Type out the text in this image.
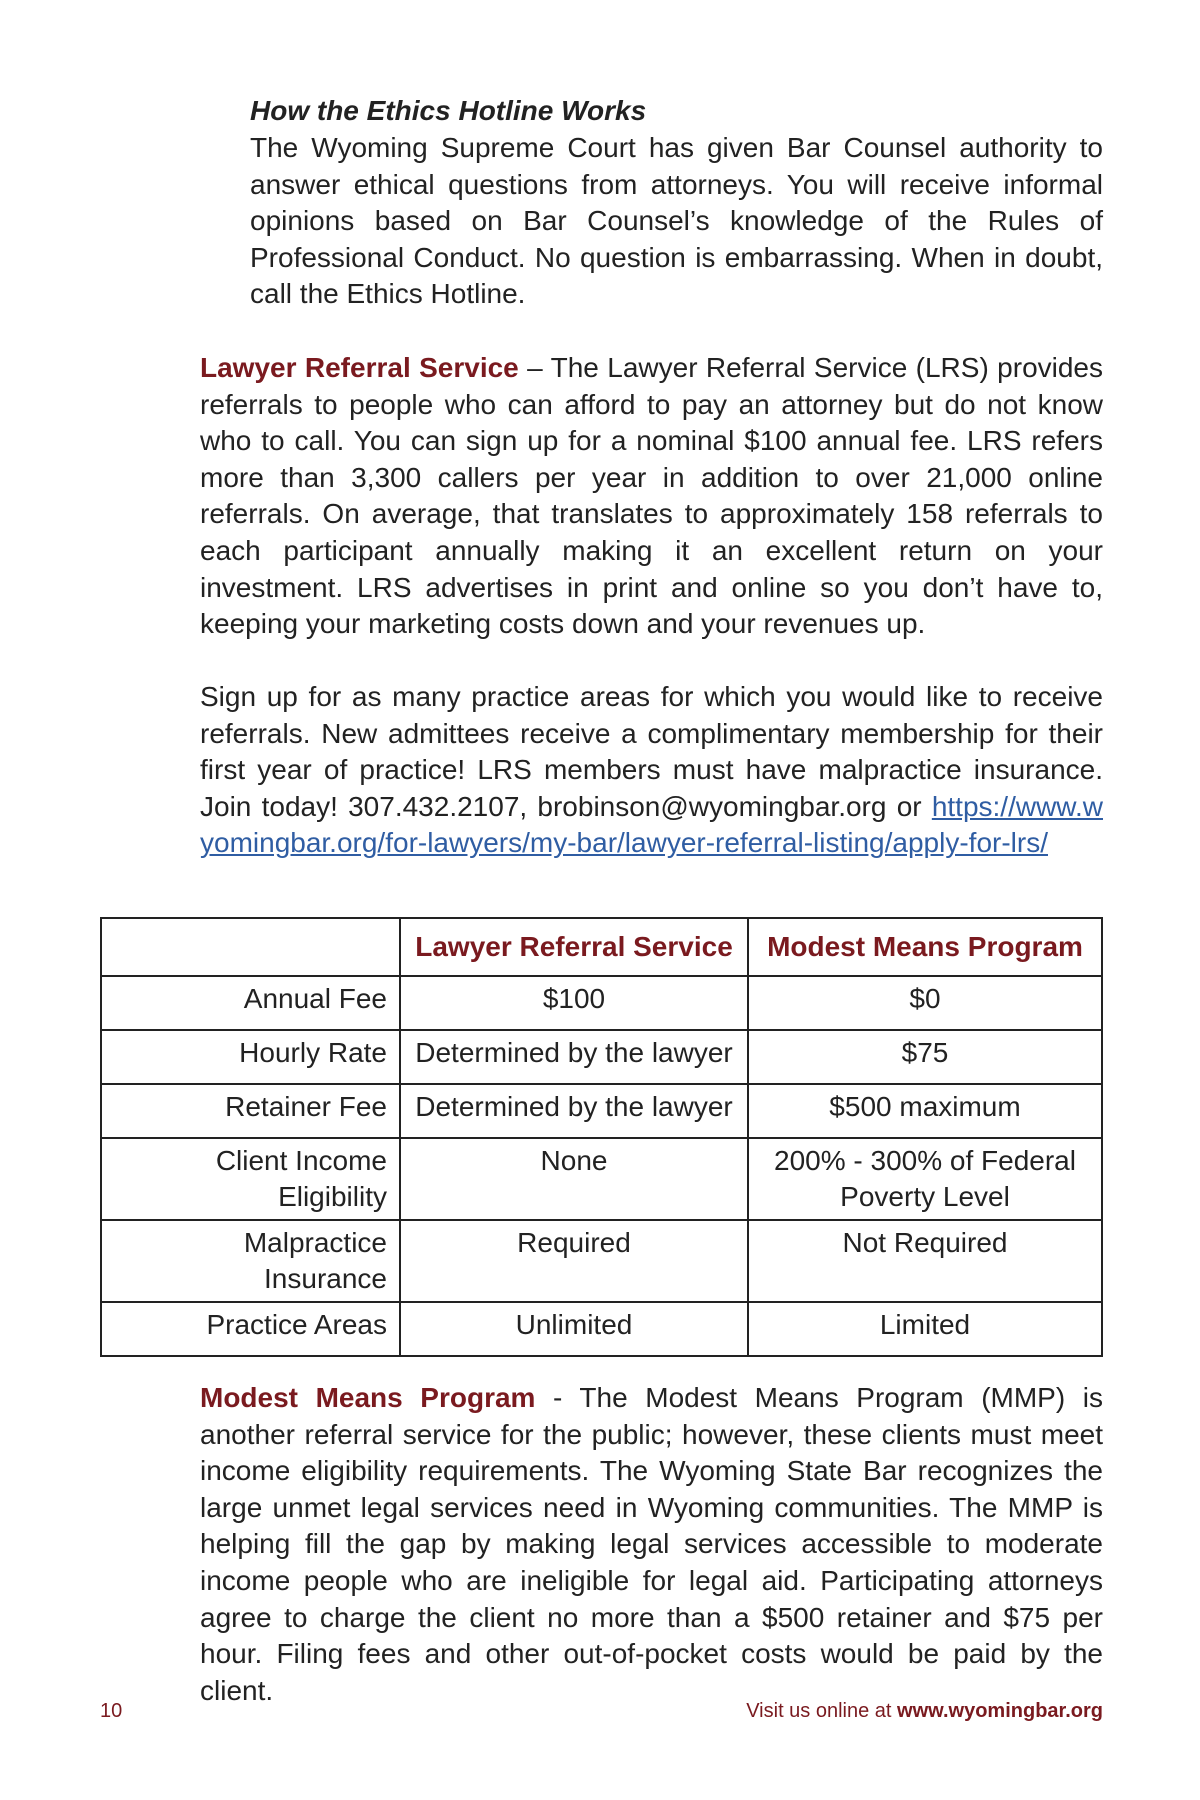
How the Ethics Hotline Works

The Wyoming Supreme Court has given Bar Counsel authority to answer ethical questions from attorneys. You will receive informal opinions based on Bar Counsel’s knowledge of the Rules of Professional Conduct. No question is embarrassing. When in doubt, call the Ethics Hotline.

Lawyer Referral Service – The Lawyer Referral Service (LRS) provides referrals to people who can afford to pay an attorney but do not know who to call. You can sign up for a nominal $100 annual fee. LRS refers more than 3,300 callers per year in addition to over 21,000 online referrals. On average, that translates to approximately 158 referrals to each participant annually making it an excellent return on your investment. LRS advertises in print and online so you don’t have to, keeping your marketing costs down and your revenues up.

Sign up for as many practice areas for which you would like to receive referrals. New admittees receive a complimentary membership for their first year of practice! LRS members must have malpractice insurance. Join today! 307.432.2107, brobinson@wyomingbar.org or https://www.wyomingbar.org/for-lawyers/my-bar/lawyer-referral-listing/apply-for-lrs/

	Lawyer Referral Service	Modest Means Program
Annual Fee	$100	$0
Hourly Rate	Determined by the lawyer	$75
Retainer Fee	Determined by the lawyer	$500 maximum
Client Income Eligibility	None	200% - 300% of Federal Poverty Level
Malpractice Insurance	Required	Not Required
Practice Areas	Unlimited	Limited

Modest Means Program - The Modest Means Program (MMP) is another referral service for the public; however, these clients must meet income eligibility requirements. The Wyoming State Bar recognizes the large unmet legal services need in Wyoming communities. The MMP is helping fill the gap by making legal services accessible to moderate income people who are ineligible for legal aid. Participating attorneys agree to charge the client no more than a $500 retainer and $75 per hour. Filing fees and other out-of-pocket costs would be paid by the client.

10	Visit us online at www.wyomingbar.org
